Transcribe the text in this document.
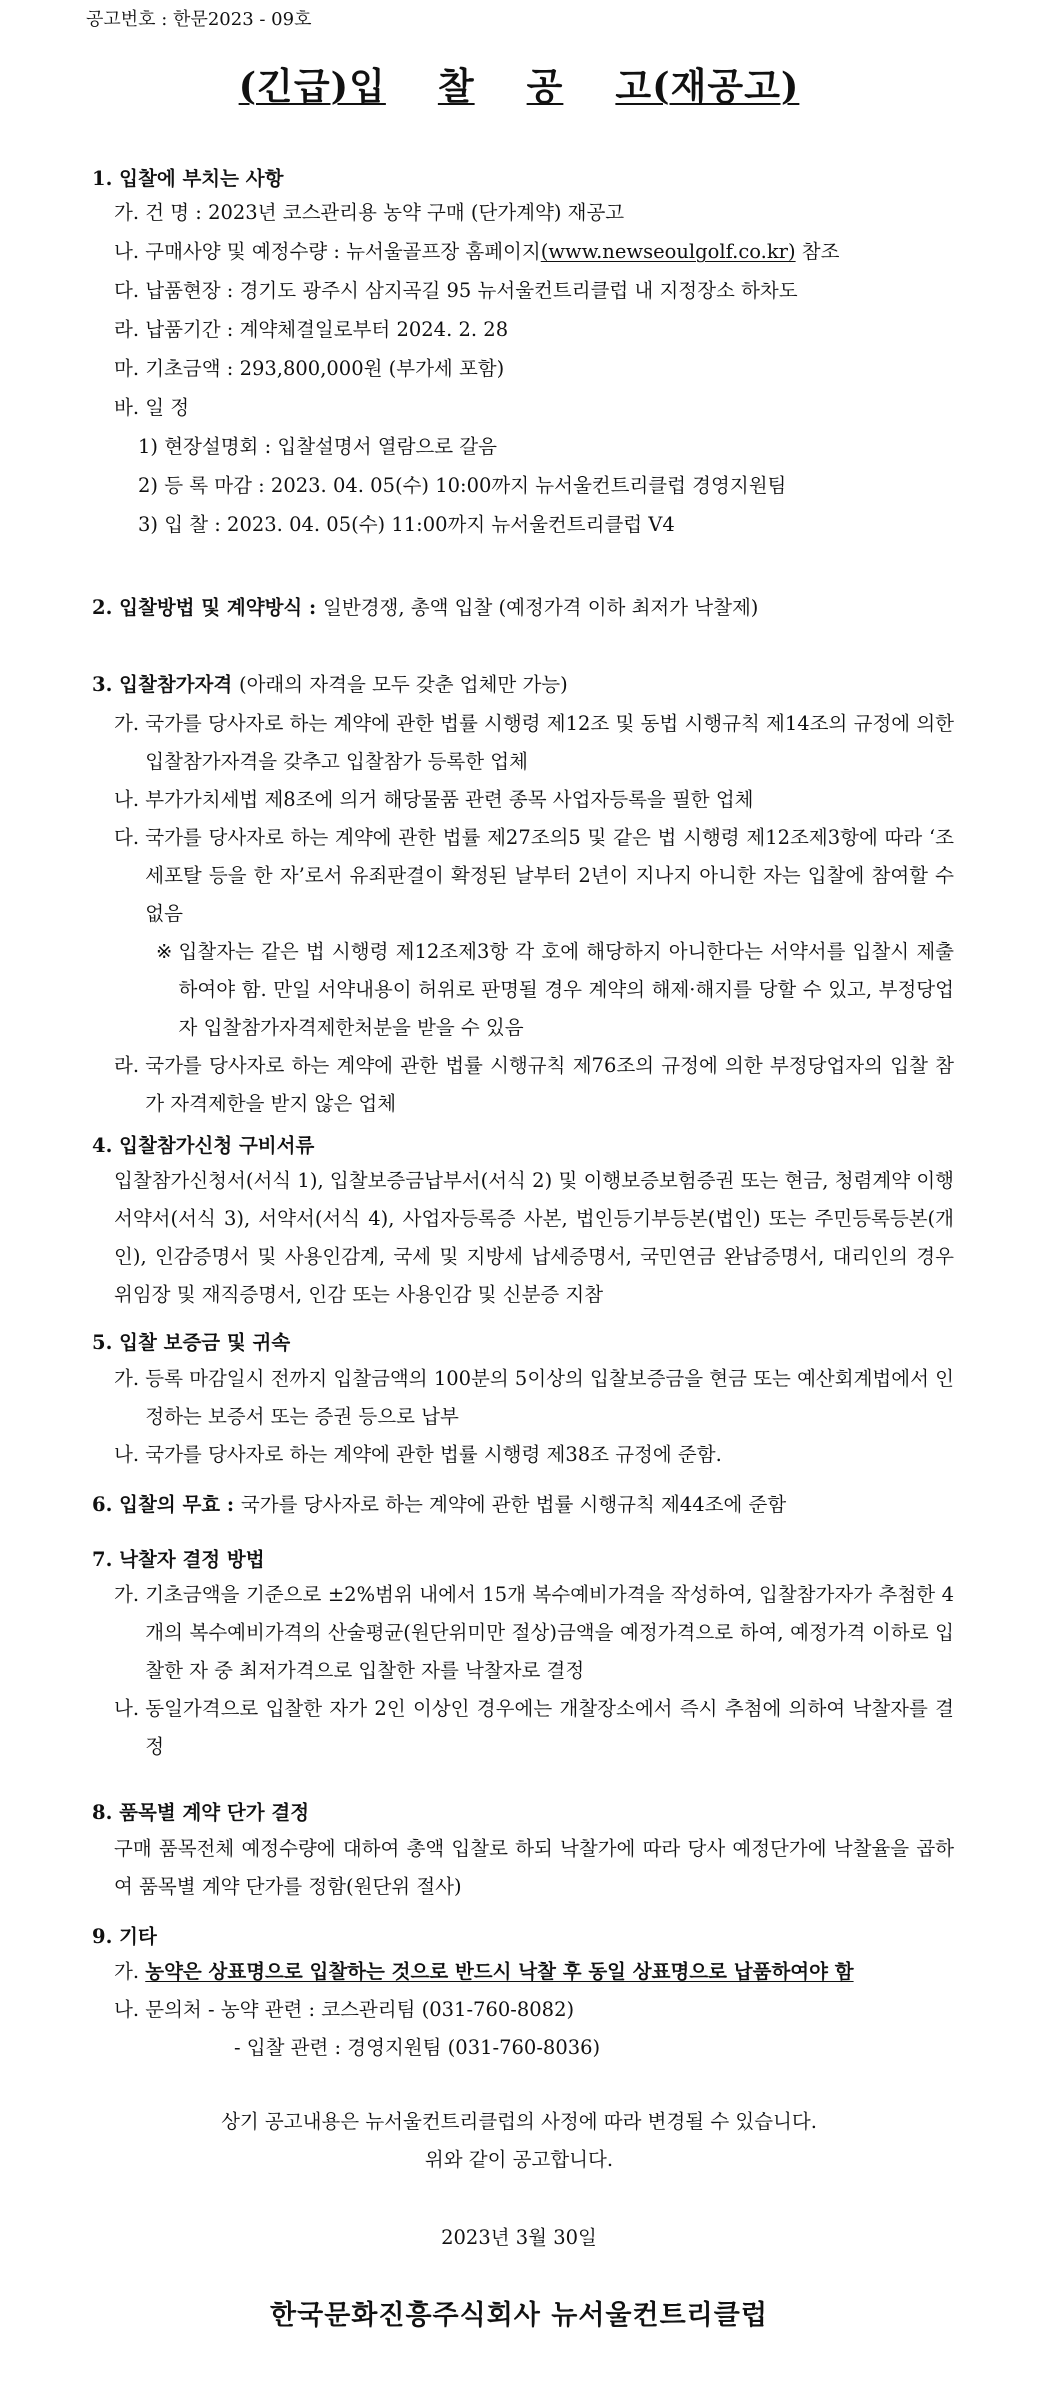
공고번호 : 한문2023 - 09호
(긴급)입 찰 공 고(재공고)

1. 입찰에 부치는 사항

가. 건 명 : 2023년 코스관리용 농약 구매 (단가계약) 재공고
나. 구매사양 및 예정수량 : 뉴서울골프장 홈페이지(www.newseoulgolf.co.kr) 참조
다. 납품현장 : 경기도 광주시 삼지곡길 95 뉴서울컨트리클럽 내 지정장소 하차도
라. 납품기간 : 계약체결일로부터 2024. 2. 28
마. 기초금액 : 293,800,000원 (부가세 포함)
바. 일 정
1) 현장설명회 : 입찰설명서 열람으로 갈음
2) 등 록 마감 : 2023. 04. 05(수) 10:00까지 뉴서울컨트리클럽 경영지원팀
3) 입 찰 : 2023. 04. 05(수) 11:00까지 뉴서울컨트리클럽 V4

2. 입찰방법 및 계약방식 : 일반경쟁, 총액 입찰 (예정가격 이하 최저가 낙찰제)

3. 입찰참가자격 (아래의 자격을 모두 갖춘 업체만 가능)

가. 국가를 당사자로 하는 계약에 관한 법률 시행령 제12조 및 동법 시행규칙 제14조의 규정에 의한 입찰참가자격을 갖추고 입찰참가 등록한 업체
나. 부가가치세법 제8조에 의거 해당물품 관련 종목 사업자등록을 필한 업체
다. 국가를 당사자로 하는 계약에 관한 법률 제27조의5 및 같은 법 시행령 제12조제3항에 따라 ‘조세포탈 등을 한 자’로서 유죄판결이 확정된 날부터 2년이 지나지 아니한 자는 입찰에 참여할 수 없음
※ 입찰자는 같은 법 시행령 제12조제3항 각 호에 해당하지 아니한다는 서약서를 입찰시 제출하여야 함. 만일 서약내용이 허위로 판명될 경우 계약의 해제·해지를 당할 수 있고, 부정당업자 입찰참가자격제한처분을 받을 수 있음
라. 국가를 당사자로 하는 계약에 관한 법률 시행규칙 제76조의 규정에 의한 부정당업자의 입찰 참가 자격제한을 받지 않은 업체

4. 입찰참가신청 구비서류

입찰참가신청서(서식 1), 입찰보증금납부서(서식 2) 및 이행보증보험증권 또는 현금, 청렴계약 이행 서약서(서식 3), 서약서(서식 4), 사업자등록증 사본, 법인등기부등본(법인) 또는 주민등록등본(개인), 인감증명서 및 사용인감계, 국세 및 지방세 납세증명서, 국민연금 완납증명서, 대리인의 경우 위임장 및 재직증명서, 인감 또는 사용인감 및 신분증 지참

5. 입찰 보증금 및 귀속

가. 등록 마감일시 전까지 입찰금액의 100분의 5이상의 입찰보증금을 현금 또는 예산회계법에서 인정하는 보증서 또는 증권 등으로 납부
나. 국가를 당사자로 하는 계약에 관한 법률 시행령 제38조 규정에 준함.

6. 입찰의 무효 : 국가를 당사자로 하는 계약에 관한 법률 시행규칙 제44조에 준함

7. 낙찰자 결정 방법

가. 기초금액을 기준으로 ±2%범위 내에서 15개 복수예비가격을 작성하여, 입찰참가자가 추첨한 4개의 복수예비가격의 산술평균(원단위미만 절상)금액을 예정가격으로 하여, 예정가격 이하로 입찰한 자 중 최저가격으로 입찰한 자를 낙찰자로 결정
나. 동일가격으로 입찰한 자가 2인 이상인 경우에는 개찰장소에서 즉시 추첨에 의하여 낙찰자를 결정

8. 품목별 계약 단가 결정

구매 품목전체 예정수량에 대하여 총액 입찰로 하되 낙찰가에 따라 당사 예정단가에 낙찰율을 곱하여 품목별 계약 단가를 정함(원단위 절사)

9. 기타

가. 농약은 상표명으로 입찰하는 것으로 반드시 낙찰 후 동일 상표명으로 납품하여야 함
나. 문의처 - 농약 관련 : 코스관리팀 (031-760-8082)
- 입찰 관련 : 경영지원팀 (031-760-8036)
상기 공고내용은 뉴서울컨트리클럽의 사정에 따라 변경될 수 있습니다.
위와 같이 공고합니다.
2023년 3월 30일
한국문화진흥주식회사 뉴서울컨트리클럽
